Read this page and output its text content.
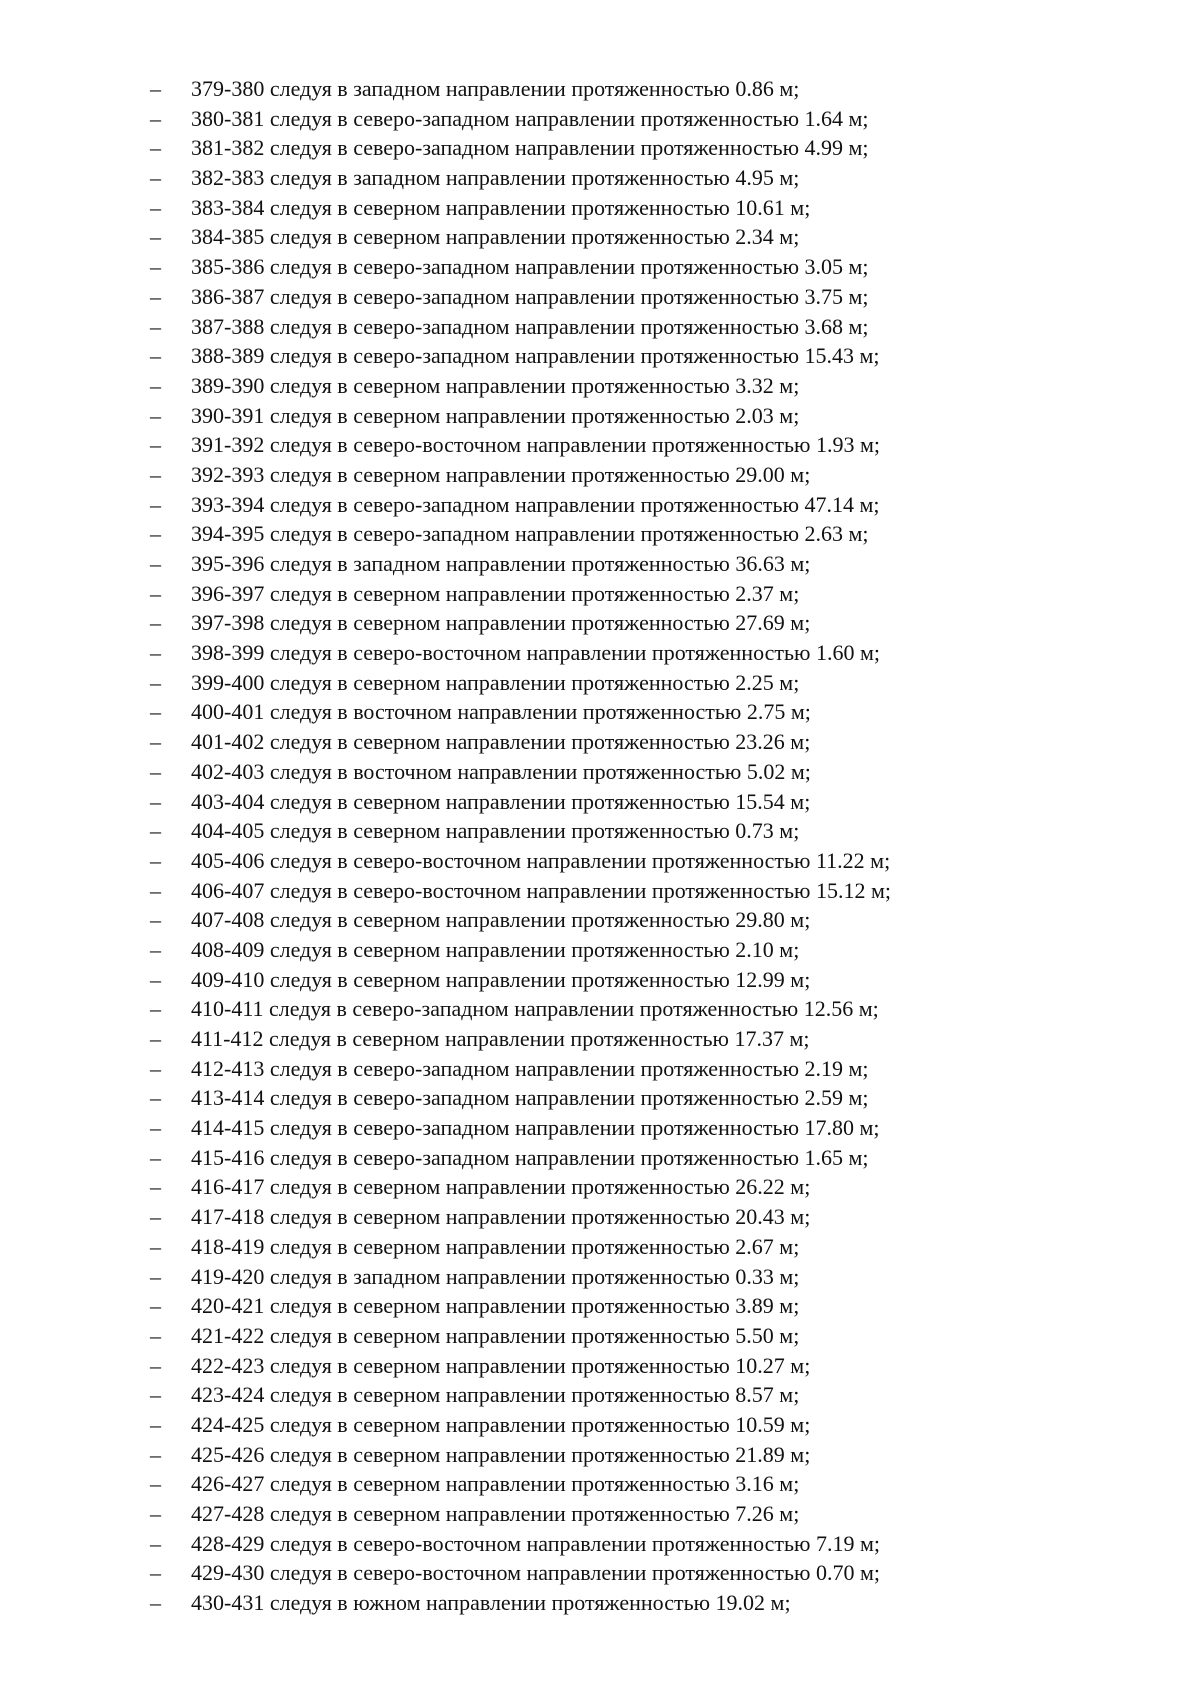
– 379-380 следуя в западном направлении протяженностью 0.86 м;
– 380-381 следуя в северо-западном направлении протяженностью 1.64 м;
– 381-382 следуя в северо-западном направлении протяженностью 4.99 м;
– 382-383 следуя в западном направлении протяженностью 4.95 м;
– 383-384 следуя в северном направлении протяженностью 10.61 м;
– 384-385 следуя в северном направлении протяженностью 2.34 м;
– 385-386 следуя в северо-западном направлении протяженностью 3.05 м;
– 386-387 следуя в северо-западном направлении протяженностью 3.75 м;
– 387-388 следуя в северо-западном направлении протяженностью 3.68 м;
– 388-389 следуя в северо-западном направлении протяженностью 15.43 м;
– 389-390 следуя в северном направлении протяженностью 3.32 м;
– 390-391 следуя в северном направлении протяженностью 2.03 м;
– 391-392 следуя в северо-восточном направлении протяженностью 1.93 м;
– 392-393 следуя в северном направлении протяженностью 29.00 м;
– 393-394 следуя в северо-западном направлении протяженностью 47.14 м;
– 394-395 следуя в северо-западном направлении протяженностью 2.63 м;
– 395-396 следуя в западном направлении протяженностью 36.63 м;
– 396-397 следуя в северном направлении протяженностью 2.37 м;
– 397-398 следуя в северном направлении протяженностью 27.69 м;
– 398-399 следуя в северо-восточном направлении протяженностью 1.60 м;
– 399-400 следуя в северном направлении протяженностью 2.25 м;
– 400-401 следуя в восточном направлении протяженностью 2.75 м;
– 401-402 следуя в северном направлении протяженностью 23.26 м;
– 402-403 следуя в восточном направлении протяженностью 5.02 м;
– 403-404 следуя в северном направлении протяженностью 15.54 м;
– 404-405 следуя в северном направлении протяженностью 0.73 м;
– 405-406 следуя в северо-восточном направлении протяженностью 11.22 м;
– 406-407 следуя в северо-восточном направлении протяженностью 15.12 м;
– 407-408 следуя в северном направлении протяженностью 29.80 м;
– 408-409 следуя в северном направлении протяженностью 2.10 м;
– 409-410 следуя в северном направлении протяженностью 12.99 м;
– 410-411 следуя в северо-западном направлении протяженностью 12.56 м;
– 411-412 следуя в северном направлении протяженностью 17.37 м;
– 412-413 следуя в северо-западном направлении протяженностью 2.19 м;
– 413-414 следуя в северо-западном направлении протяженностью 2.59 м;
– 414-415 следуя в северо-западном направлении протяженностью 17.80 м;
– 415-416 следуя в северо-западном направлении протяженностью 1.65 м;
– 416-417 следуя в северном направлении протяженностью 26.22 м;
– 417-418 следуя в северном направлении протяженностью 20.43 м;
– 418-419 следуя в северном направлении протяженностью 2.67 м;
– 419-420 следуя в западном направлении протяженностью 0.33 м;
– 420-421 следуя в северном направлении протяженностью 3.89 м;
– 421-422 следуя в северном направлении протяженностью 5.50 м;
– 422-423 следуя в северном направлении протяженностью 10.27 м;
– 423-424 следуя в северном направлении протяженностью 8.57 м;
– 424-425 следуя в северном направлении протяженностью 10.59 м;
– 425-426 следуя в северном направлении протяженностью 21.89 м;
– 426-427 следуя в северном направлении протяженностью 3.16 м;
– 427-428 следуя в северном направлении протяженностью 7.26 м;
– 428-429 следуя в северо-восточном направлении протяженностью 7.19 м;
– 429-430 следуя в северо-восточном направлении протяженностью 0.70 м;
– 430-431 следуя в южном направлении протяженностью 19.02 м;
